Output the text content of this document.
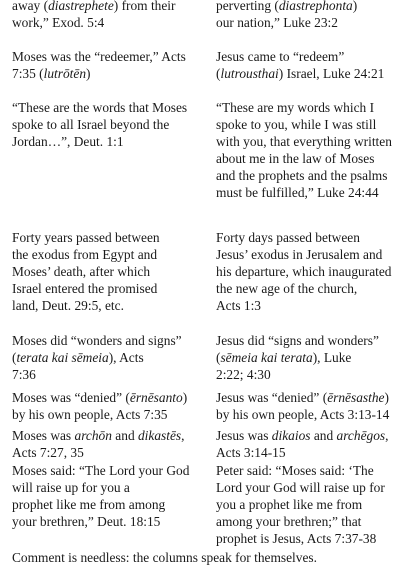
away (diastrephete) from their
work,” Exod. 5:4

perverting (diastrephonta)
our nation,” Luke 23:2

Moses was the “redeemer,” Acts
7:35 (lutrōtēn)

Jesus came to “redeem”
(lutrousthai) Israel, Luke 24:21

“These are the words that Moses
spoke to all Israel beyond the
Jordan…”, Deut. 1:1

“These are my words which I
spoke to you, while I was still
with you, that everything written
about me in the law of Moses
and the prophets and the psalms
must be fulfilled,” Luke 24:44

Forty years passed between
the exodus from Egypt and
Moses’ death, after which
Israel entered the promised
land, Deut. 29:5, etc.

Forty days passed between
Jesus’ exodus in Jerusalem and
his departure, which inaugurated
the new age of the church,
Acts 1:3

Moses did “wonders and signs”
(terata kai sēmeia), Acts
7:36

Jesus did “signs and wonders”
(sēmeia kai terata), Luke
2:22; 4:30

Moses was “denied” (ērnēsanto)
by his own people, Acts 7:35

Jesus was “denied” (ērnēsasthe)
by his own people, Acts 3:13-14

Moses was archōn and dikastēs,
Acts 7:27, 35

Jesus was dikaios and archēgos,
Acts 3:14-15

Moses said: “The Lord your God
will raise up for you a
prophet like me from among
your brethren,” Deut. 18:15

Peter said: “Moses said: ‘The
Lord your God will raise up for
you a prophet like me from
among your brethren;” that
prophet is Jesus, Acts 7:37-38

Comment is needless: the columns speak for themselves.
